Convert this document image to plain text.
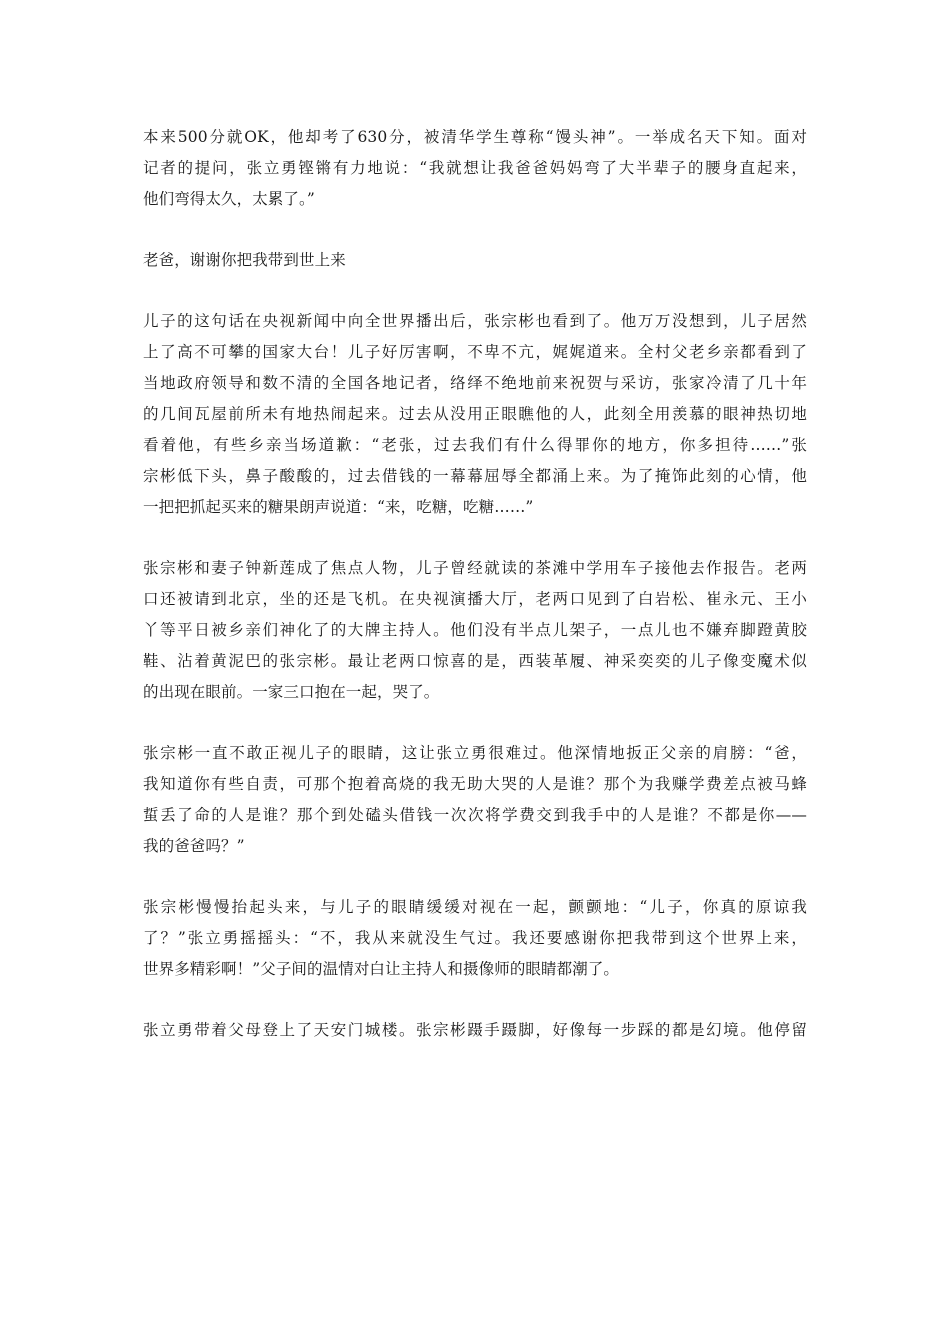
本来500分就OK，他却考了630分，被清华学生尊称“馒头神”。一举成名天下知。面对
记者的提问，张立勇铿锵有力地说：“我就想让我爸爸妈妈弯了大半辈子的腰身直起来，
他们弯得太久，太累了。”

老爸，谢谢你把我带到世上来

儿子的这句话在央视新闻中向全世界播出后，张宗彬也看到了。他万万没想到，儿子居然
上了高不可攀的国家大台！儿子好厉害啊，不卑不亢，娓娓道来。全村父老乡亲都看到了
当地政府领导和数不清的全国各地记者，络绎不绝地前来祝贺与采访，张家冷清了几十年
的几间瓦屋前所未有地热闹起来。过去从没用正眼瞧他的人，此刻全用羡慕的眼神热切地
看着他，有些乡亲当场道歉：“老张，过去我们有什么得罪你的地方，你多担待……”张
宗彬低下头，鼻子酸酸的，过去借钱的一幕幕屈辱全都涌上来。为了掩饰此刻的心情，他
一把把抓起买来的糖果朗声说道：“来，吃糖，吃糖……”

张宗彬和妻子钟新莲成了焦点人物，儿子曾经就读的茶滩中学用车子接他去作报告。老两
口还被请到北京，坐的还是飞机。在央视演播大厅，老两口见到了白岩松、崔永元、王小
丫等平日被乡亲们神化了的大牌主持人。他们没有半点儿架子，一点儿也不嫌弃脚蹬黄胶
鞋、沾着黄泥巴的张宗彬。最让老两口惊喜的是，西装革履、神采奕奕的儿子像变魔术似
的出现在眼前。一家三口抱在一起，哭了。

张宗彬一直不敢正视儿子的眼睛，这让张立勇很难过。他深情地扳正父亲的肩膀：“爸，
我知道你有些自责，可那个抱着高烧的我无助大哭的人是谁？那个为我赚学费差点被马蜂
蜇丢了命的人是谁？那个到处磕头借钱一次次将学费交到我手中的人是谁？不都是你——
我的爸爸吗？”

张宗彬慢慢抬起头来，与儿子的眼睛缓缓对视在一起，颤颤地：“儿子，你真的原谅我
了？”张立勇摇摇头：“不，我从来就没生气过。我还要感谢你把我带到这个世界上来，
世界多精彩啊！”父子间的温情对白让主持人和摄像师的眼睛都潮了。

张立勇带着父母登上了天安门城楼。张宗彬蹑手蹑脚，好像每一步踩的都是幻境。他停留
